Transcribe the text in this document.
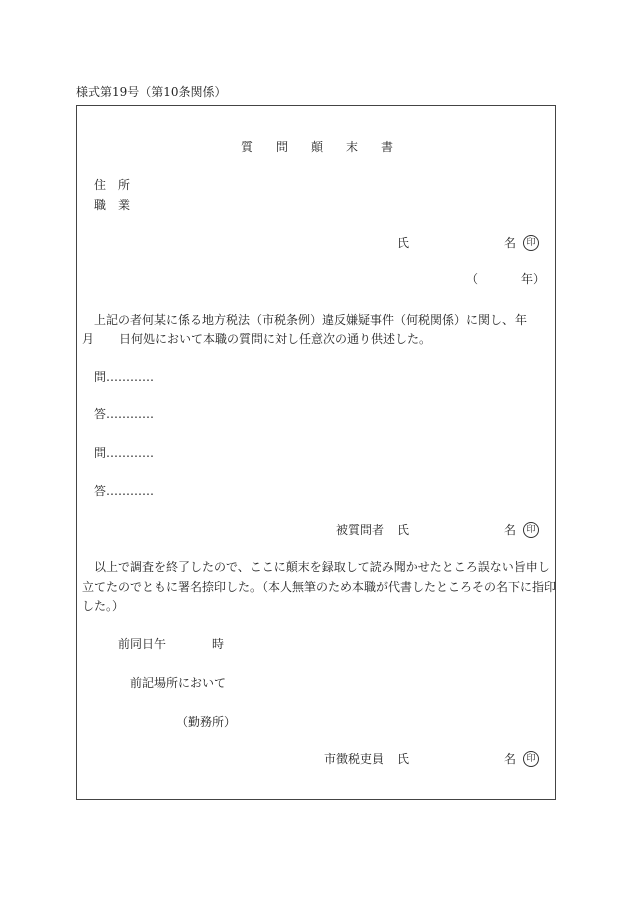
様式第19号（第10条関係）
質 問 顛 末 書
住　所
職　業
氏	名	印
（	年）
上記の者何某に係る地方税法（市税条例）違反嫌疑事件（何税関係）に関し、 年
月 日何処において本職の質問に対し任意次の通り供述した。
問…………
答…………
問…………
答…………
被質問者 氏	名	印
以上で調査を終了したので、ここに顛末を録取して読み聞かせたところ誤ない旨申し
立てたのでともに署名捺印した。（本人無筆のため本職が代書したところその名下に指印
した。）
前同日午	時
前記場所において
（勤務所）
市徴税吏員 氏	名	印
